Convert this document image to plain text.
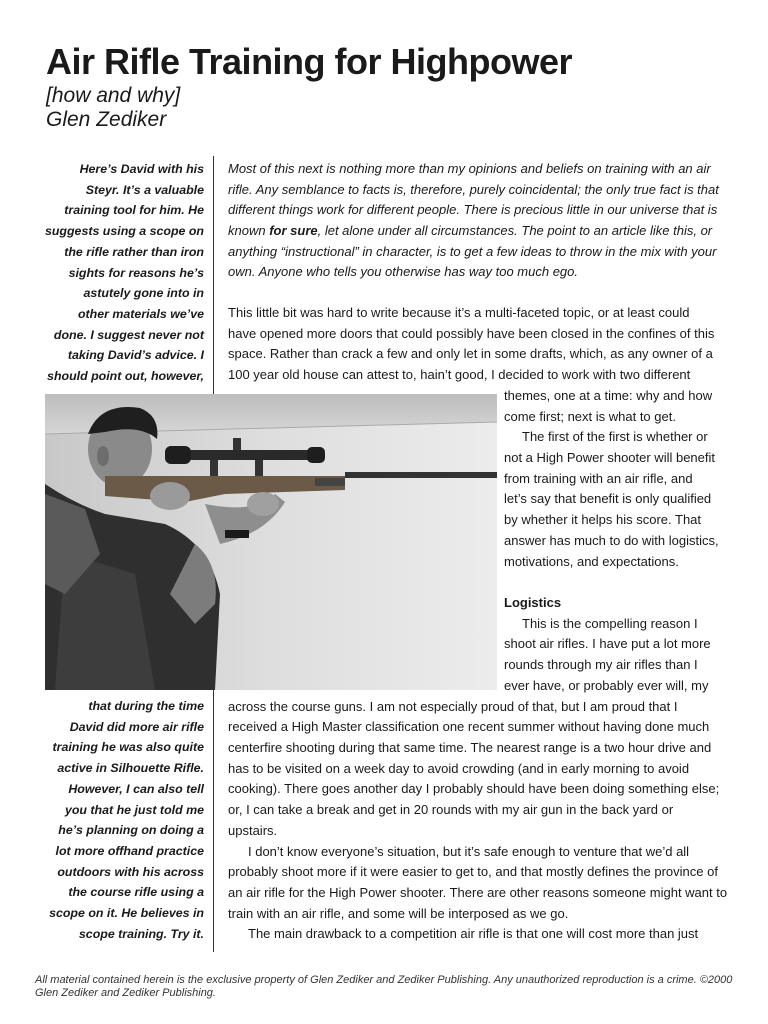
Air Rifle Training for Highpower
[how and why]
Glen Zediker
Here’s David with his
Steyr. It’s a valuable
training tool for him. He
suggests using a scope on
the rifle rather than iron
sights for reasons he’s
astutely gone into in
other materials we’ve
done. I suggest never not
taking David’s advice. I
should point out, however,
Most of this next is nothing more than my opinions and beliefs on training with an air
rifle. Any semblance to facts is, therefore, purely coincidental; the only true fact is that
different things work for different people. There is precious little in our universe that is
known for sure, let alone under all circumstances. The point to an article like this, or
anything “instructional” in character, is to get a few ideas to throw in the mix with your
own. Anyone who tells you otherwise has way too much ego.
This little bit was hard to write because it’s a multi-faceted topic, or at least could
have opened more doors that could possibly have been closed in the confines of this
space. Rather than crack a few and only let in some drafts, which, as any owner of a
100 year old house can attest to, hain’t good, I decided to work with two different
themes, one at a time: why and how
come first; next is what to get.
The first of the first is whether or
not a High Power shooter will benefit
from training with an air rifle, and
let’s say that benefit is only qualified
by whether it helps his score. That
answer has much to do with logistics,
motivations, and expectations.
Logistics
This is the compelling reason I
shoot air rifles. I have put a lot more
rounds through my air rifles than I
ever have, or probably ever will, my
that during the time
David did more air rifle
training he was also quite
active in Silhouette Rifle.
However, I can also tell
you that he just told me
he’s planning on doing a
lot more offhand practice
outdoors with his across
the course rifle using a
scope on it. He believes in
scope training. Try it.
across the course guns. I am not especially proud of that, but I am proud that I
received a High Master classification one recent summer without having done much
centerfire shooting during that same time. The nearest range is a two hour drive and
has to be visited on a week day to avoid crowding (and in early morning to avoid
cooking). There goes another day I probably should have been doing something else;
or, I can take a break and get in 20 rounds with my air gun in the back yard or
upstairs.
I don’t know everyone’s situation, but it’s safe enough to venture that we’d all
probably shoot more if it were easier to get to, and that mostly defines the province of
an air rifle for the High Power shooter. There are other reasons someone might want to
train with an air rifle, and some will be interposed as we go.
The main drawback to a competition air rifle is that one will cost more than just
All material contained herein is the exclusive property of Glen Zediker and Zediker Publishing. Any unauthorized reproduction is a crime. ©2000 Glen Zediker and Zediker Publishing.
